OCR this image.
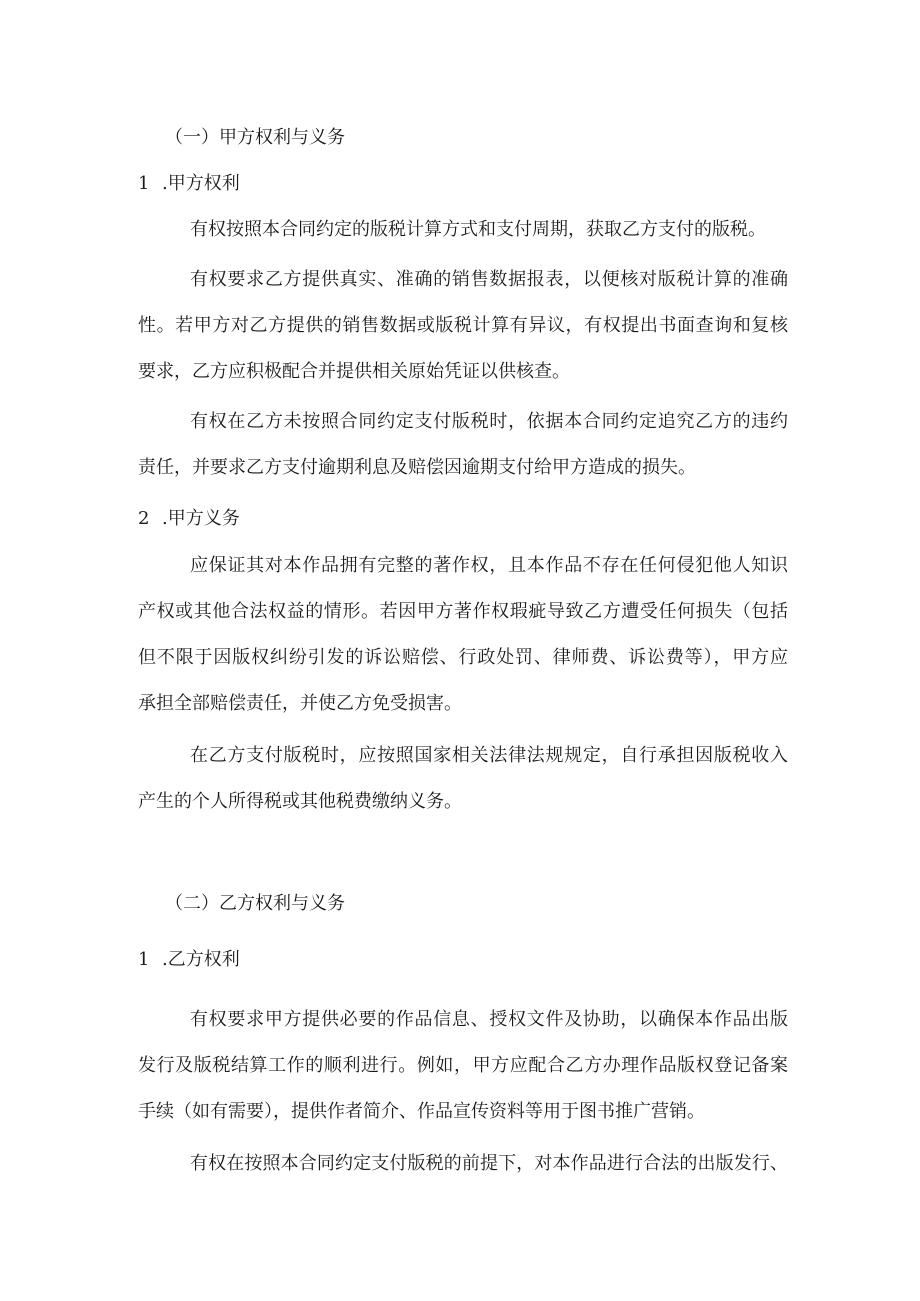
（一）甲方权利与义务
1 .甲方权利
有权按照本合同约定的版税计算方式和支付周期，获取乙方支付的版税。
有权要求乙方提供真实、准确的销售数据报表，以便核对版税计算的准确
性。若甲方对乙方提供的销售数据或版税计算有异议，有权提出书面查询和复核
要求，乙方应积极配合并提供相关原始凭证以供核查。
有权在乙方未按照合同约定支付版税时，依据本合同约定追究乙方的违约
责任，并要求乙方支付逾期利息及赔偿因逾期支付给甲方造成的损失。
2 .甲方义务
应保证其对本作品拥有完整的著作权，且本作品不存在任何侵犯他人知识
产权或其他合法权益的情形。若因甲方著作权瑕疵导致乙方遭受任何损失（包括
但不限于因版权纠纷引发的诉讼赔偿、行政处罚、律师费、诉讼费等），甲方应
承担全部赔偿责任，并使乙方免受损害。
在乙方支付版税时，应按照国家相关法律法规规定，自行承担因版税收入
产生的个人所得税或其他税费缴纳义务。
（二）乙方权利与义务
1 .乙方权利
有权要求甲方提供必要的作品信息、授权文件及协助，以确保本作品出版
发行及版税结算工作的顺利进行。例如，甲方应配合乙方办理作品版权登记备案
手续（如有需要），提供作者简介、作品宣传资料等用于图书推广营销。
有权在按照本合同约定支付版税的前提下，对本作品进行合法的出版发行、
